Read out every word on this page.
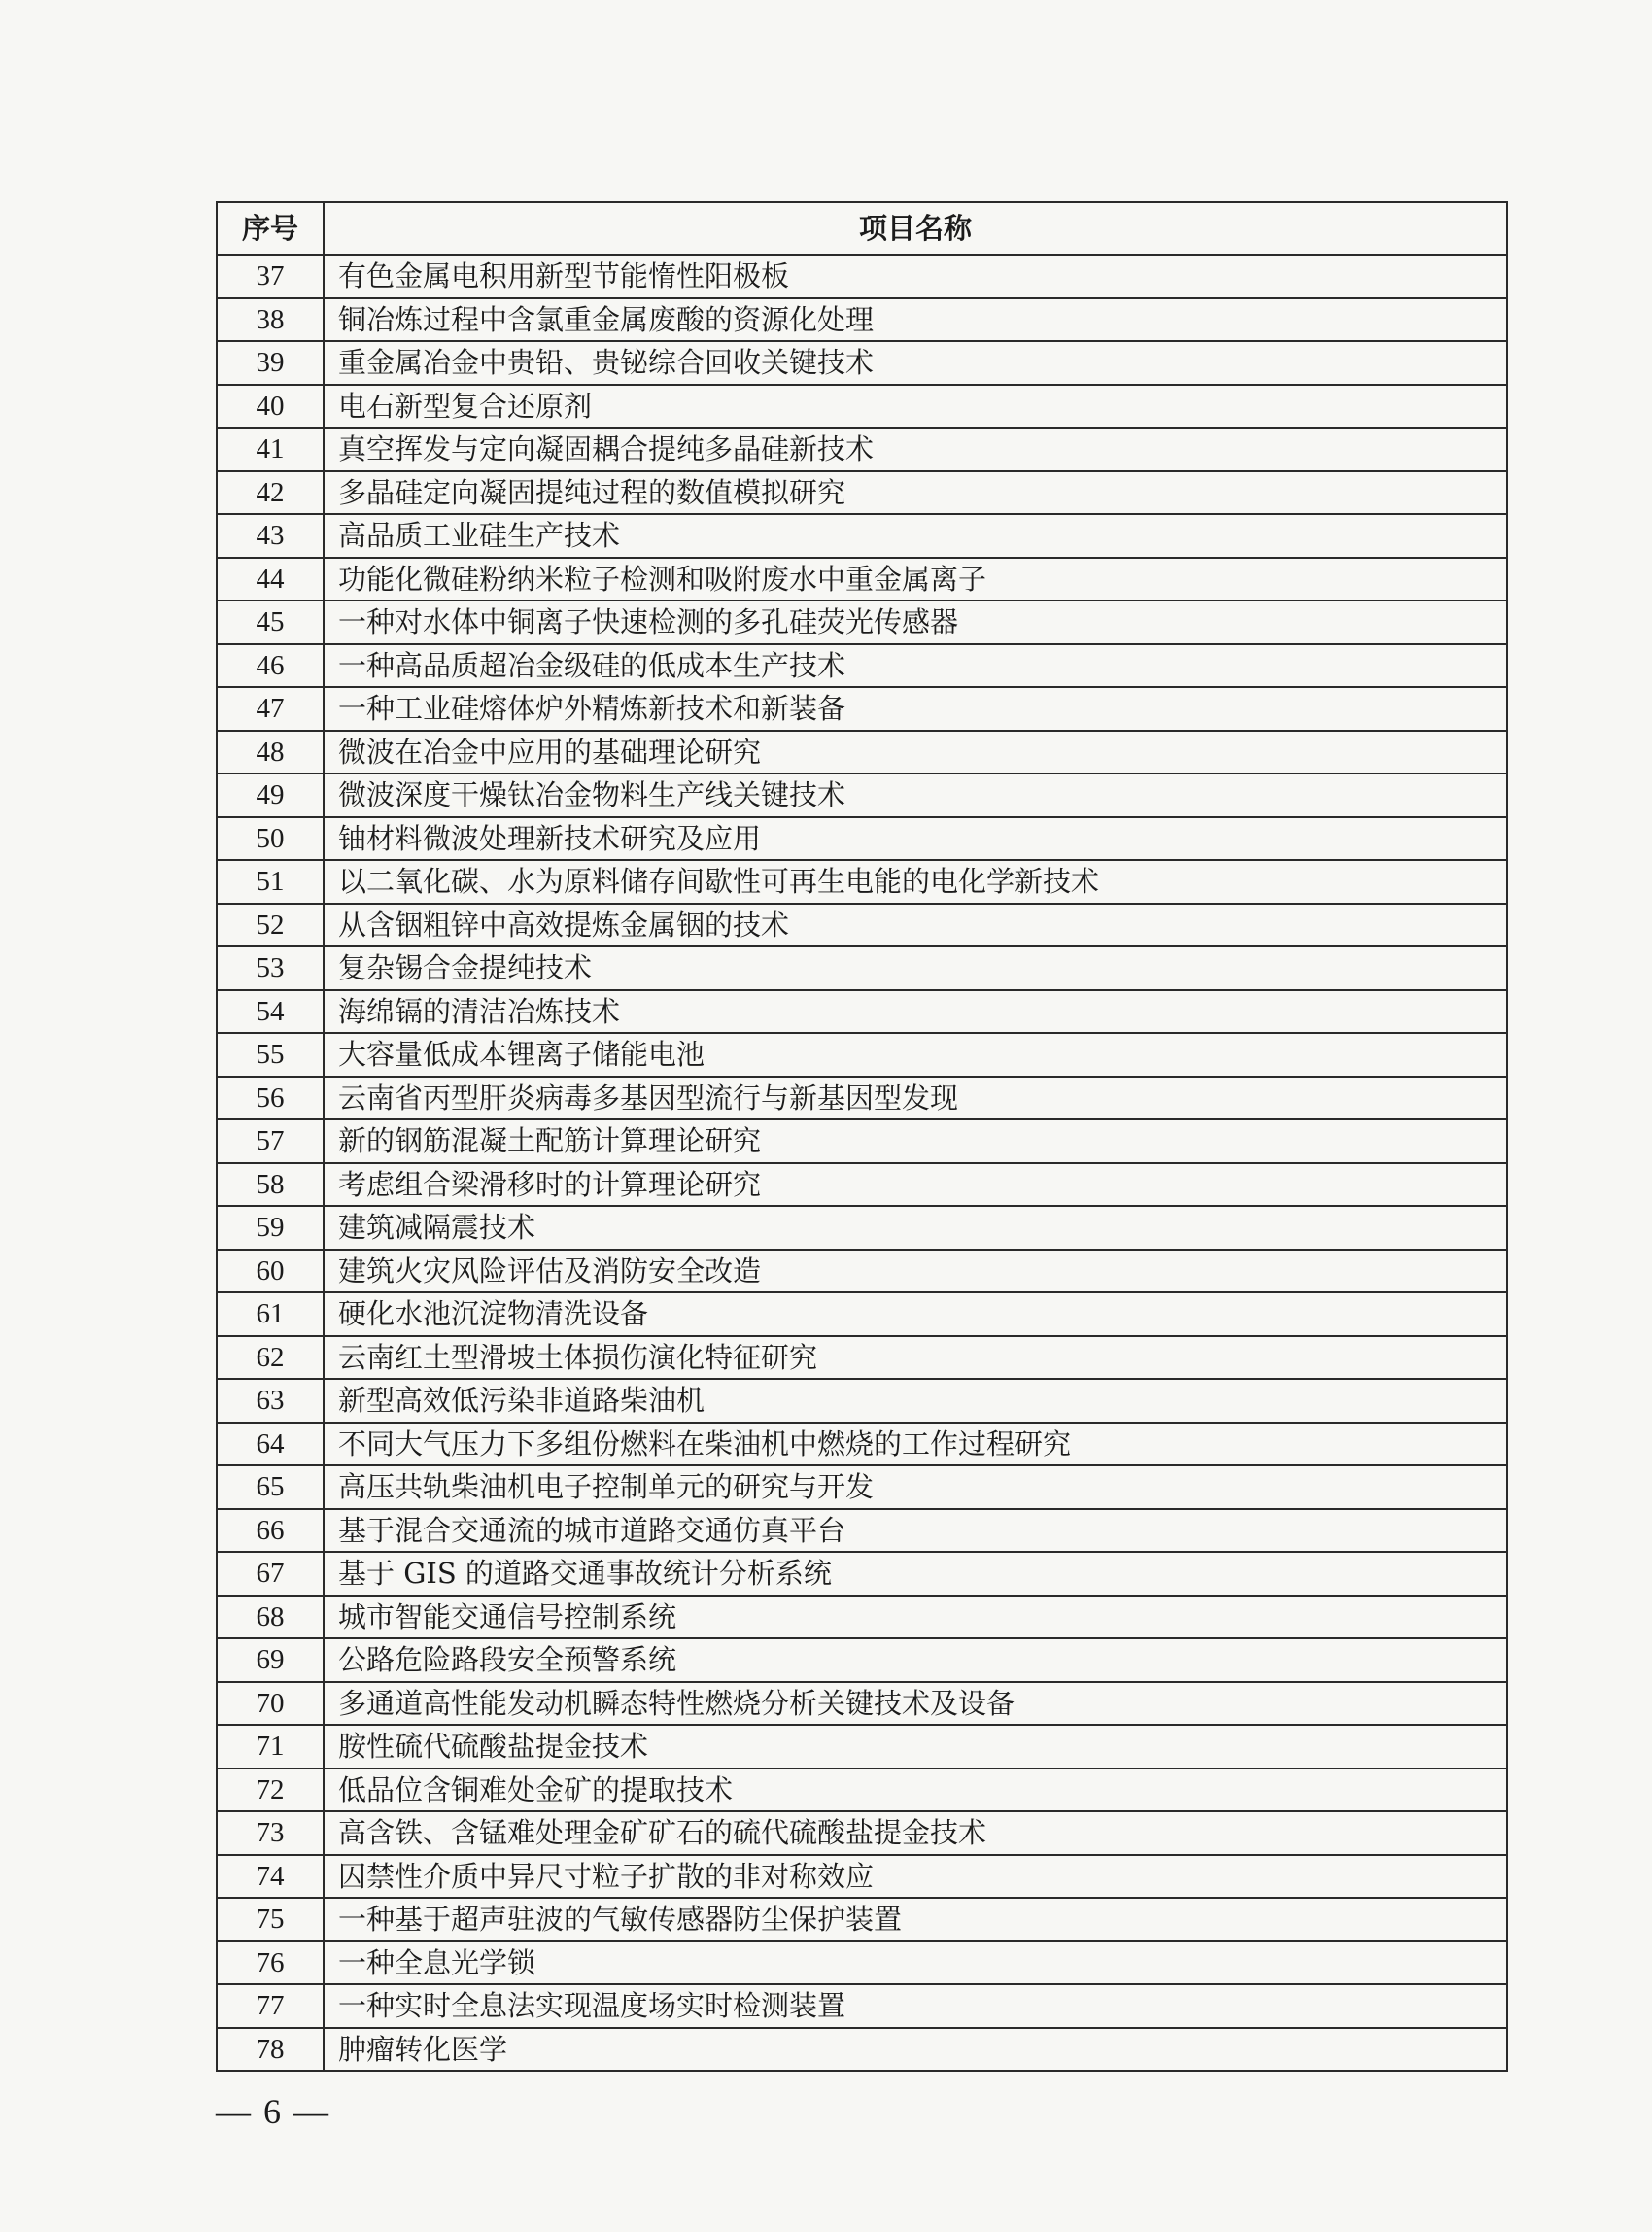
序号	项目名称
37	有色金属电积用新型节能惰性阳极板
38	铜冶炼过程中含氯重金属废酸的资源化处理
39	重金属冶金中贵铅、贵铋综合回收关键技术
40	电石新型复合还原剂
41	真空挥发与定向凝固耦合提纯多晶硅新技术
42	多晶硅定向凝固提纯过程的数值模拟研究
43	高品质工业硅生产技术
44	功能化微硅粉纳米粒子检测和吸附废水中重金属离子
45	一种对水体中铜离子快速检测的多孔硅荧光传感器
46	一种高品质超冶金级硅的低成本生产技术
47	一种工业硅熔体炉外精炼新技术和新装备
48	微波在冶金中应用的基础理论研究
49	微波深度干燥钛冶金物料生产线关键技术
50	铀材料微波处理新技术研究及应用
51	以二氧化碳、水为原料储存间歇性可再生电能的电化学新技术
52	从含铟粗锌中高效提炼金属铟的技术
53	复杂锡合金提纯技术
54	海绵镉的清洁冶炼技术
55	大容量低成本锂离子储能电池
56	云南省丙型肝炎病毒多基因型流行与新基因型发现
57	新的钢筋混凝土配筋计算理论研究
58	考虑组合梁滑移时的计算理论研究
59	建筑减隔震技术
60	建筑火灾风险评估及消防安全改造
61	硬化水池沉淀物清洗设备
62	云南红土型滑坡土体损伤演化特征研究
63	新型高效低污染非道路柴油机
64	不同大气压力下多组份燃料在柴油机中燃烧的工作过程研究
65	高压共轨柴油机电子控制单元的研究与开发
66	基于混合交通流的城市道路交通仿真平台
67	基于 GIS 的道路交通事故统计分析系统
68	城市智能交通信号控制系统
69	公路危险路段安全预警系统
70	多通道高性能发动机瞬态特性燃烧分析关键技术及设备
71	胺性硫代硫酸盐提金技术
72	低品位含铜难处金矿的提取技术
73	高含铁、含锰难处理金矿矿石的硫代硫酸盐提金技术
74	囚禁性介质中异尺寸粒子扩散的非对称效应
75	一种基于超声驻波的气敏传感器防尘保护装置
76	一种全息光学锁
77	一种实时全息法实现温度场实时检测装置
78	肿瘤转化医学
— 6 —
